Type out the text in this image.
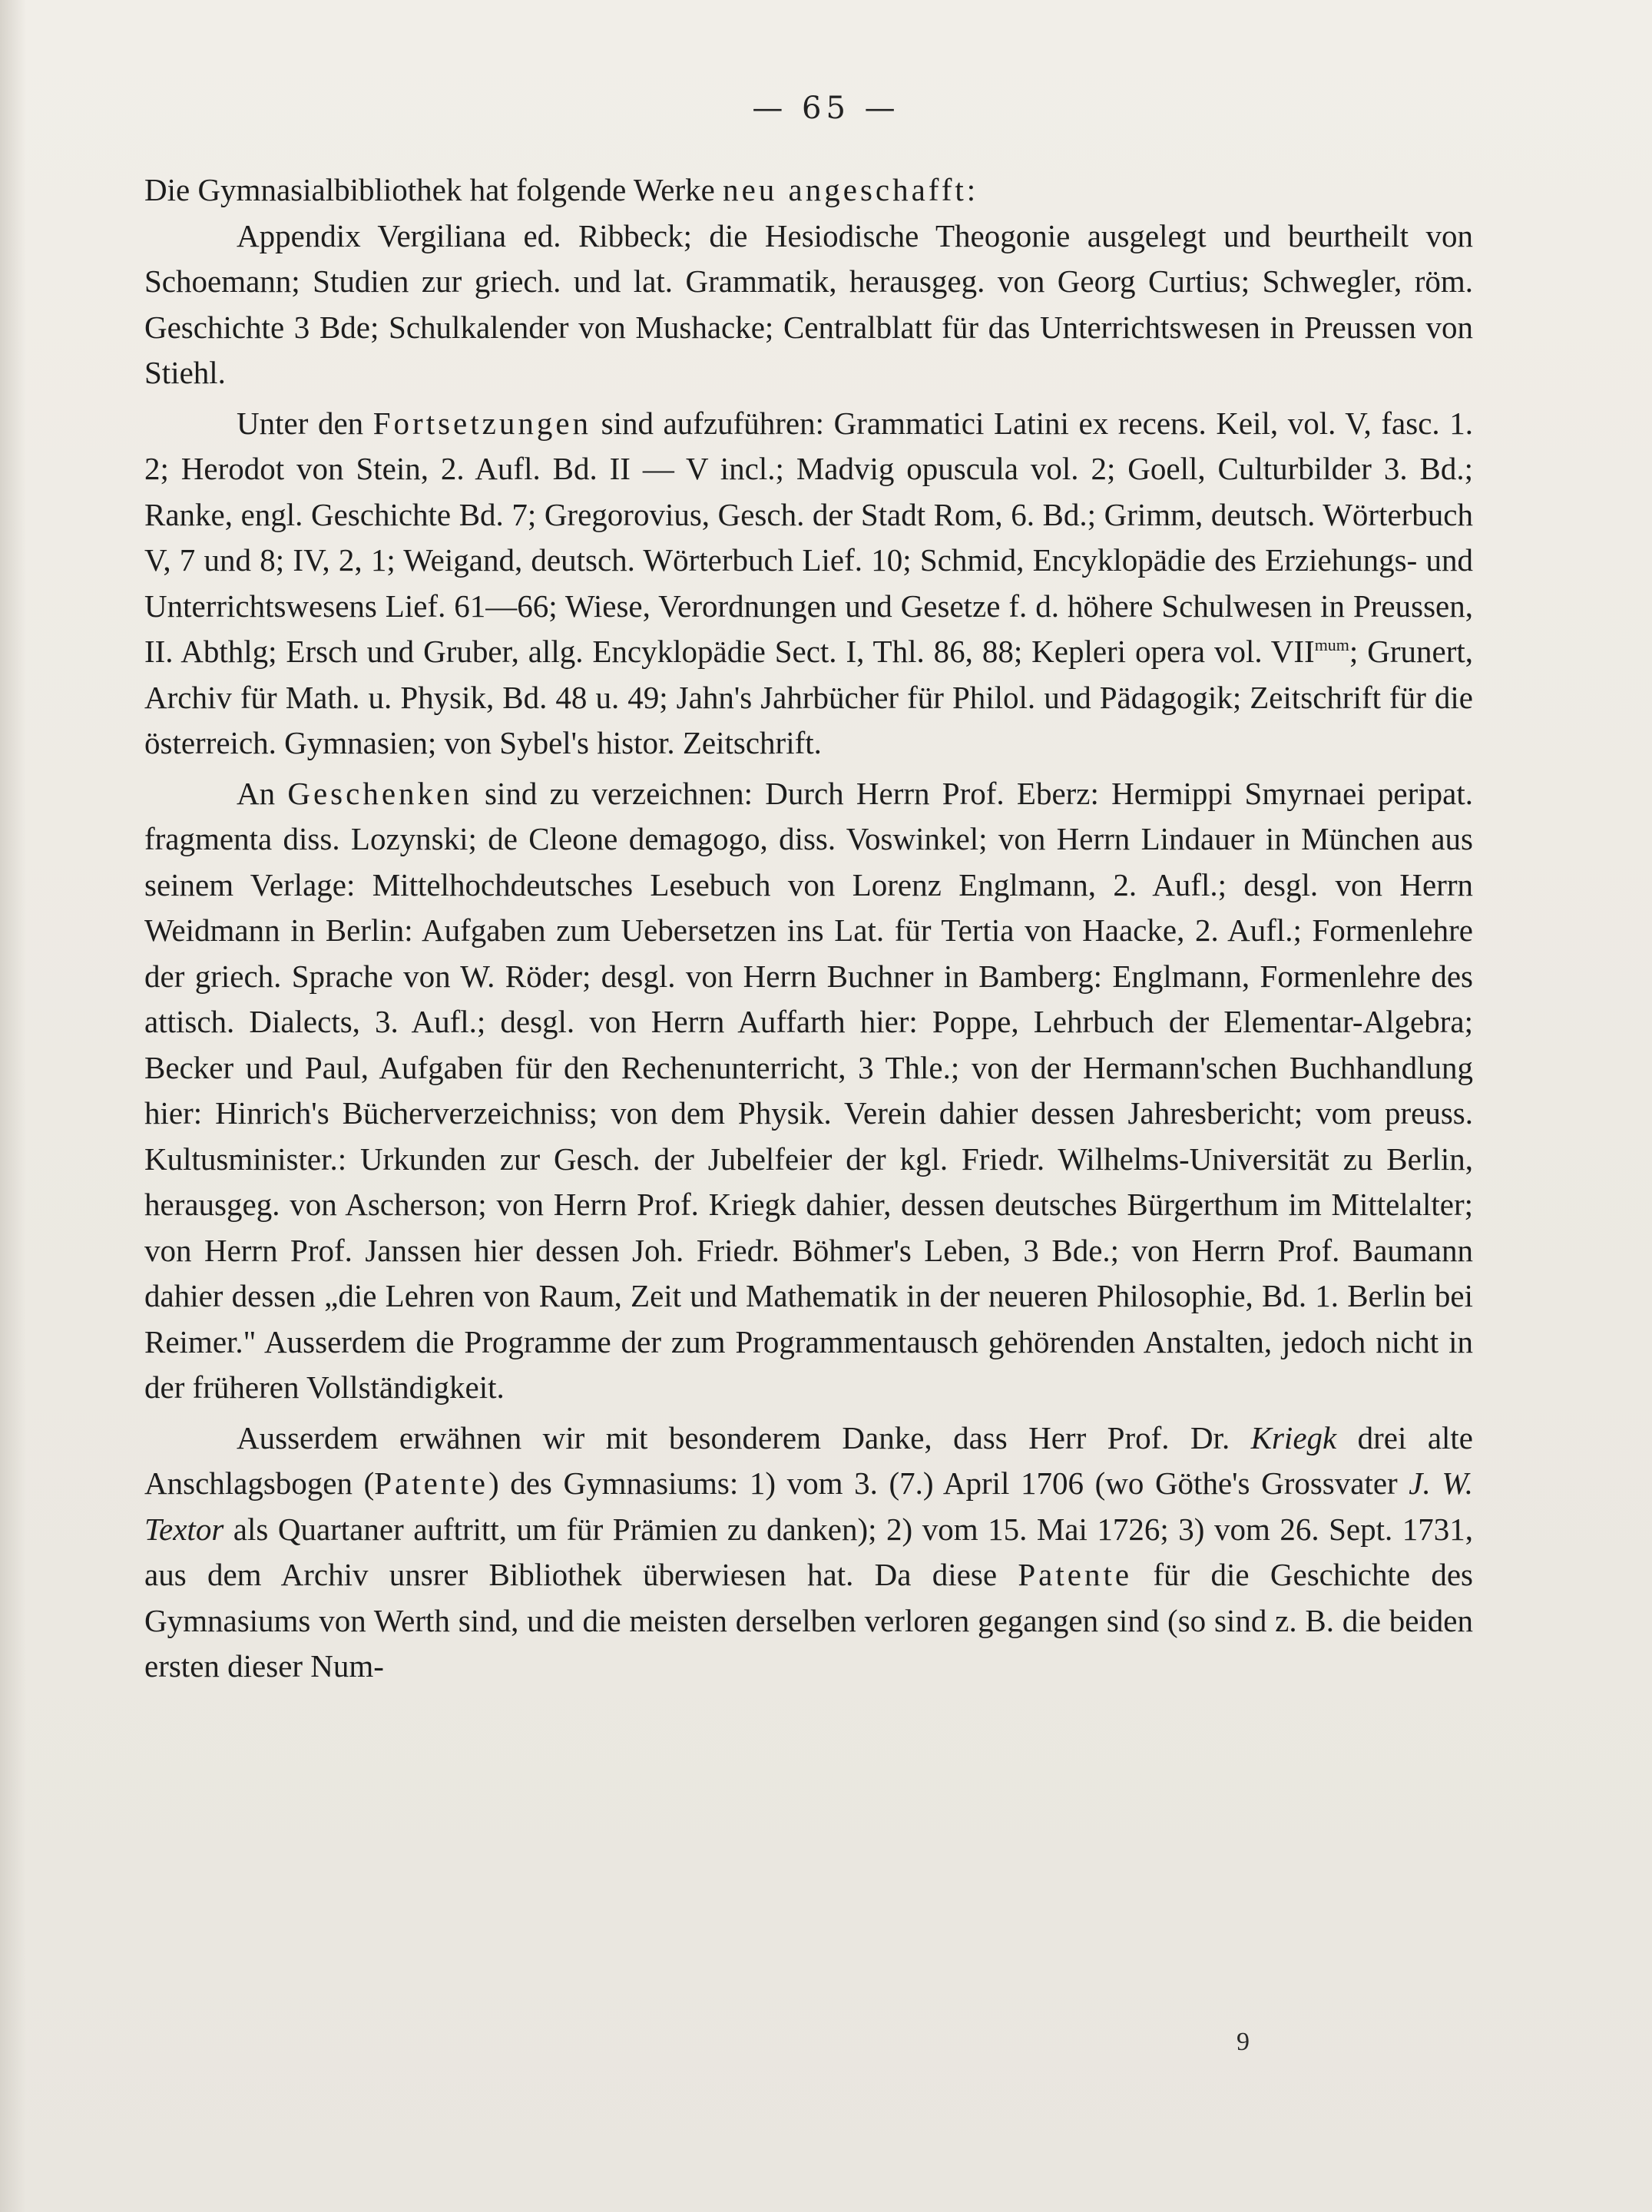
— 65 —

Die Gymnasialbibliothek hat folgende Werke neu angeschafft:

Appendix Vergiliana ed. Ribbeck; die Hesiodische Theogonie ausgelegt und beurtheilt von Schoemann; Studien zur griech. und lat. Grammatik, herausgeg. von Georg Curtius; Schwegler, röm. Geschichte 3 Bde; Schulkalender von Mushacke; Centralblatt für das Unterrichtswesen in Preussen von Stiehl.

Unter den Fortsetzungen sind aufzuführen: Grammatici Latini ex recens. Keil, vol. V, fasc. 1. 2; Herodot von Stein, 2. Aufl. Bd. II — V incl.; Madvig opuscula vol. 2; Goell, Culturbilder 3. Bd.; Ranke, engl. Geschichte Bd. 7; Gregorovius, Gesch. der Stadt Rom, 6. Bd.; Grimm, deutsch. Wörterbuch V, 7 und 8; IV, 2, 1; Weigand, deutsch. Wörterbuch Lief. 10; Schmid, Encyklopädie des Erziehungs- und Unterrichtswesens Lief. 61—66; Wiese, Verordnungen und Gesetze f. d. höhere Schulwesen in Preussen, II. Abthlg; Ersch und Gruber, allg. Encyklopädie Sect. I, Thl. 86, 88; Kepleri opera vol. $VII^{mum}$; Grunert, Archiv für Math. u. Physik, Bd. 48 u. 49; Jahn's Jahrbücher für Philol. und Pädagogik; Zeitschrift für die österreich. Gymnasien; von Sybel's histor. Zeitschrift.

An Geschenken sind zu verzeichnen: Durch Herrn Prof. Eberz: Hermippi Smyrnaei peripat. fragmenta diss. Lozynski; de Cleone demagogo, diss. Voswinkel; von Herrn Lindauer in München aus seinem Verlage: Mittelhochdeutsches Lesebuch von Lorenz Englmann, 2. Aufl.; desgl. von Herrn Weidmann in Berlin: Aufgaben zum Uebersetzen ins Lat. für Tertia von Haacke, 2. Aufl.; Formenlehre der griech. Sprache von W. Röder; desgl. von Herrn Buchner in Bamberg: Englmann, Formenlehre des attisch. Dialects, 3. Aufl.; desgl. von Herrn Auffarth hier: Poppe, Lehrbuch der Elementar-Algebra; Becker und Paul, Aufgaben für den Rechenunterricht, 3 Thle.; von der Hermann'schen Buchhandlung hier: Hinrich's Bücherverzeichniss; von dem Physik. Verein dahier dessen Jahresbericht; vom preuss. Kultusminister.: Urkunden zur Gesch. der Jubelfeier der kgl. Friedr. Wilhelms-Universität zu Berlin, herausgeg. von Ascherson; von Herrn Prof. Kriegk dahier, dessen deutsches Bürgerthum im Mittelalter; von Herrn Prof. Janssen hier dessen Joh. Friedr. Böhmer's Leben, 3 Bde.; von Herrn Prof. Baumann dahier dessen „die Lehren von Raum, Zeit und Mathematik in der neueren Philosophie, Bd. 1. Berlin bei Reimer." Ausserdem die Programme der zum Programmentausch gehörenden Anstalten, jedoch nicht in der früheren Vollständigkeit.

Ausserdem erwähnen wir mit besonderem Danke, dass Herr Prof. Dr. Kriegk drei alte Anschlagsbogen (Patente) des Gymnasiums: 1) vom 3. (7.) April 1706 (wo Göthe's Grossvater J. W. Textor als Quartaner auftritt, um für Prämien zu danken); 2) vom 15. Mai 1726; 3) vom 26. Sept. 1731, aus dem Archiv unsrer Bibliothek überwiesen hat. Da diese Patente für die Geschichte des Gymnasiums von Werth sind, und die meisten derselben verloren gegangen sind (so sind z. B. die beiden ersten dieser Num-

9
